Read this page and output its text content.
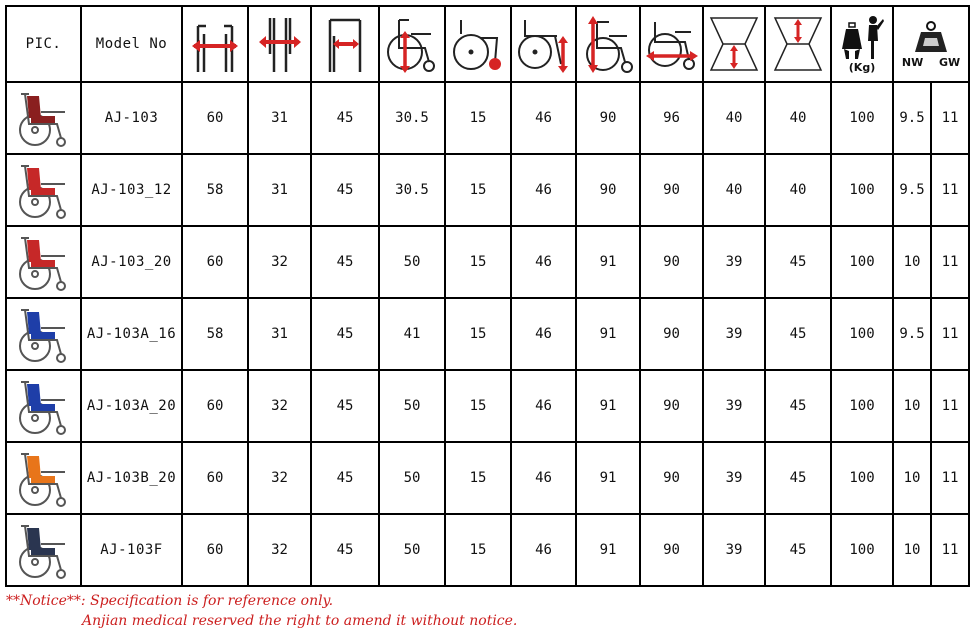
PIC.	Model No											(Kg)	NW GW	

	AJ-103	60	31	45	30.5	15	46	90	96	40	40	100	9.5	11

	AJ-103_12	58	31	45	30.5	15	46	90	90	40	40	100	9.5	11

	AJ-103_20	60	32	45	50	15	46	91	90	39	45	100	10	11

	AJ-103A_16	58	31	45	41	15	46	91	90	39	45	100	9.5	11

	AJ-103A_20	60	32	45	50	15	46	91	90	39	45	100	10	11

	AJ-103B_20	60	32	45	50	15	46	91	90	39	45	100	10	11

	AJ-103F	60	32	45	50	15	46	91	90	39	45	100	10	11
**Notice**: Specification is for reference only.
Anjian medical reserved the right to amend it without notice.
